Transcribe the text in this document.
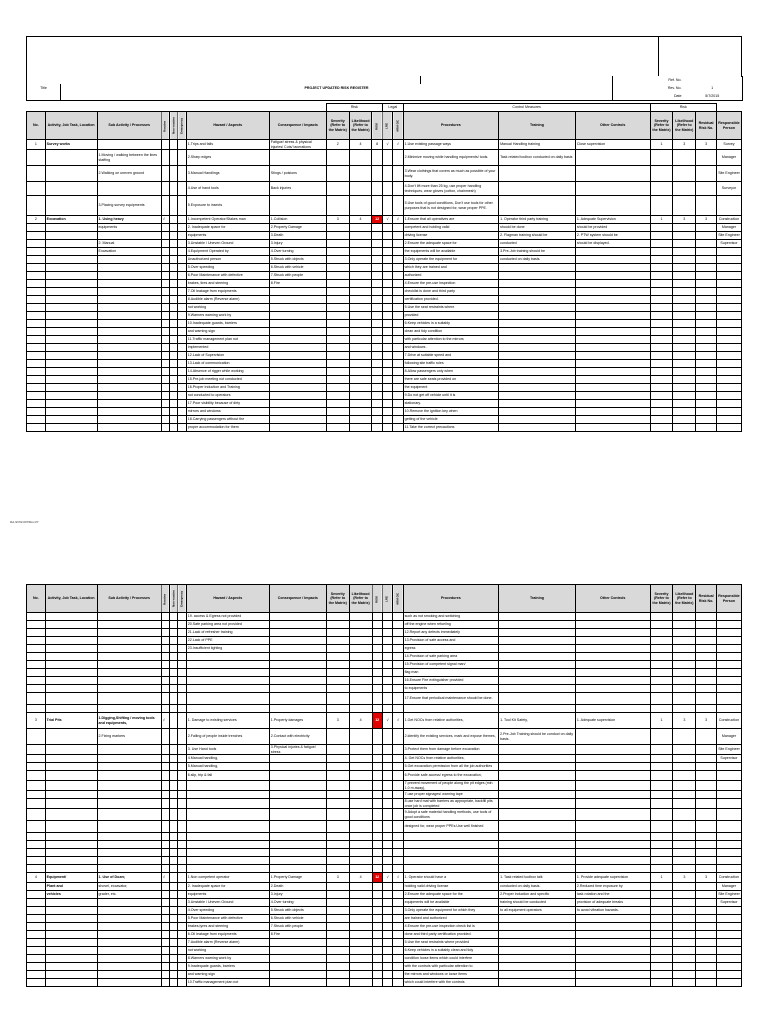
			Ref. No.	
Title	PROJECT UPDATED RISK REGISTER		Rev. No.	1
			Date	5/7/2015
								Risk			Legal		Control Measures			Risk			
No.	Activity, Job Task, Location	Sub Activity / Processes	Routine	Non-routine	Emergency	Hazard / Aspects	Consequence / Impacts	Severity (Refer to the Matrix)	Likelihood (Refer to the Matrix)	RISK	LRE	ARM OC	Procedures	Training	Other Controls	Severity (Refer to the Matrix)	Likelihood (Refer to the Matrix)	Residual Risk No.	Responsible Person
1	Survey works					1.Trips and falls	Fatigue/ stress & physical injuries/ Cuts/ lacerations	2	4	8	√	√	1.Use existing passage ways	Manual Handling training	Close supervision	1	3	3	Survey
		1.Moving / walking between the lines staffing				2.Sharp edges							2.Minimize moving while handling equipments/ tools.	Task related toolbox conducted on daily basis					Manager
		2.Walking on uneven ground				3.Manual Handlings	Stings / poisions						3.Wear clothings that covers as much as possible of your body.						Site Engineer
						4.Use of hand tools	Back injuries						4.Don't lift more than 25 kg, use proper handling techniques, wear gloves (cotton, chainmesh)						Surveyor
		3.Placing survey equipments				5.Exposure to insects							5.Use tools of good conditions, Don't use tools for other purposes that is not designed for, wear proper PPE.						
2	Excavation	1. Using heavy	√			1.Incompetent Operator/Stakes man	1.Collision	3	4	12	√	√	1.Ensure that all operatives are	1. Operator third party training	1. Adequate Supervision	1	3	3	Construction
		equipments				2. Inadequate space for	2.Property Damage						competent and holding valid	should be done	should be provided				Manager
						equipments	3.Death						driving license	2. Flagman training should be	2. PTW system should be				Site Engineer
		2. Manual				3.Unstable / Uneven Ground	3.Injury						2.Ensure the adequate space for	conducted	should be displayed.				Supervisor
		Excavation				4.Equipment Operated by	4.Over turning						the equipments will be available	3.Pre-Job training should be					
						Unauthorized person	5.Struck with objects						3.Only operate the equipment for	conducted on daily basis.					
						5.Over speeding	6.Struck with vehicle						which they are trained and						
						6.Poor Maintenance with defective	7.Struck with people						authorized						
						brakes, tires and steering	8.Fire						4.Ensure the pre-use inspection						
						7.Oil leakage from equipments							checklist is done and third party						
						8.Audible alarm (Reverse alarm)							certification provided.						
						not working							5.Use the seat restraints where						
						9.Warners warning work by							provided						
						10.Inadequate guards, barriers							6.Keep vehicles in a suitably						
						and warning sign							clean and tidy condition						
						11.Traffic management plan not							with particular attention to the mirrors						
						implemented							and windows .						
						12.Lack of Supervision							7.Drive at suitable speed and						
						13.Lack of communication							following site traffic rules						
						14.Absence of rigger while working							8.Allow passengers only when						
						15.Pre-job meeting not conducted							there are safe seats provided on						
						16.Proper Induction and Training							the equipment						
						not conducted to operators							9.Do not get off vehicle until it is						
						17.Poor visibility because of dirty							stationary.						
						mirrors and windows							10.Remove the ignition key when						
						18.Carrying passengers without the							getting of the vehicle						
						proper accommodation for them							11.Take the correct precautions						
RA-SOW-007/Rev.07
No.	Activity, Job Task, Location	Sub Activity / Processes	Routine	Non-routine	Emergency	Hazard / Aspects	Consequence / Impacts	Severity (Refer to the Matrix)	Likelihood (Refer to the Matrix)	RISK	LRE	ARM OC	Procedures	Training	Other Controls	Severity (Refer to the Matrix)	Likelihood (Refer to the Matrix)	Residual Risk No.	Responsible Person
						19. access & Egress not provided							such as not smoking and switching						
						20.Safe parking area not provided							off the engine when refueling						
						21.Lack of refresher training							12.Report any defects immediately						
						22.Lack of PPE							13.Provision of safe access and						
						23.Insufficient lighting							egress						
													14.Provision of safe parking area						
													15.Provision of competent signal man/						
													flag man						
													16.Ensure Fire extinguisher provided						
													to equipments						
													17.Ensure that periodical maintenance should be done.						

3	Trial Pits	1.Digging,Shifting / moving tools and equipments,	√			1. Damage to existing services	1.Property damages	3	4	12	√	√	1.Get NOCs from relative authorities,	1. Tool Kit Safety,	1. Adequate supervision	1	3	3	Construction
		2.Fixing markers				2.Falling of people inside trenches	2.Contact with electricity						2.identify the existing services, mark and expose themes,	2.Pre-Job Training should be conduct on daily basis.					Manager
						3. Use Hand tools	3.Physical injuries & fatigue/ stress						3.Protect them from damage before excavation						Site Engineer
						4.Manual handling,							4. Get NOCs from relative authorities,						Supervisor
						5.Manual handling,							5.Get excavation permission from all the job authorities						
						6.slip, trip & fall							6.Provide safe access/ egress to the excavation,						
													7.prevent movement of people along the pit edges (min 1.0 m away),						
													7.use proper signages/ warning tape						
													8.use hard mat with barriers as appropriate, backfill pits once job is completed						
													9.Adopt a safe material handling methods, use tools of good conditions						
													designed for, wear proper PPEs.Use well finished						

4	Equipment/	1. Use of Dozer,	√			1.Non competent operator	1.Property Damage	3	4	12	√	√	1. Operator should have a	1. Task related toolbox talk	1. Provide adequate supervision	1	3	3	Construction
	Plant and	shovel, excavator,				2. Inadequate space for	2.Death						holding valid driving license	conducted on daily basis.	2.Reduced time exposure by				Manager
	vehicles	grader, etc.				equipments	3.Injury						2.Ensure the adequate space for the	2.Proper induction and specific	task rotation and the				Site Engineer
						3.Unstable / Uneven Ground	4.Over turning						equipments will be available	training should be conducted	provision of adequate breaks				Supervisor
						4.Over speeding	5.Struck with objects						3.Only operate the equipment for which they	to all equipment operators	to avoid vibration hazards.				
						5.Poor Maintenance with defective	6.Struck with vehicle						are trained and authorized						
						brakes,tyres and steering	7.Struck with people						4.Ensure the pre-use inspection check list is						
						6.Oil leakage from equipments	8.Fire						done and third party certification provided.						
						7.Audible alarm (Reverse alarm)							5.Use the seat restraints where provided						
						not working							6.Keep vehicles in a suitably clean and tidy						
						8.Warners warning work by							condition loose items which could interfere						
						9.Inadequate guards, barriers							with the controls with particular attention to						
						and warning sign							the mirrors and windows or loose items						
						10.Traffic management plan not							which could interfere with the controls						
